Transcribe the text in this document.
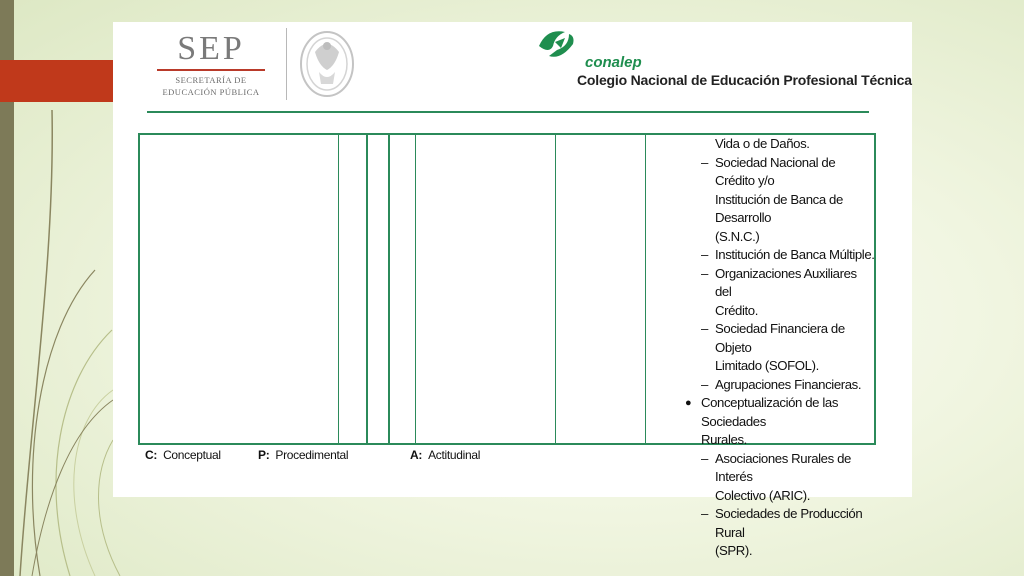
SEP
SECRETARÍA DE
EDUCACIÓN PÚBLICA
conalep
Colegio Nacional de Educación Profesional Técnica
Vida o de Daños.
– Sociedad Nacional de Crédito y/o
Institución de Banca de Desarrollo
(S.N.C.)
– Institución de Banca Múltiple.
– Organizaciones Auxiliares del
Crédito.
– Sociedad Financiera de Objeto
Limitado (SOFOL).
– Agrupaciones Financieras.
● Conceptualización de las Sociedades
Rurales.
– Asociaciones Rurales de Interés
Colectivo (ARIC).
– Sociedades de Producción Rural
(SPR).
C: Conceptual	P: Procedimental	A: Actitudinal
